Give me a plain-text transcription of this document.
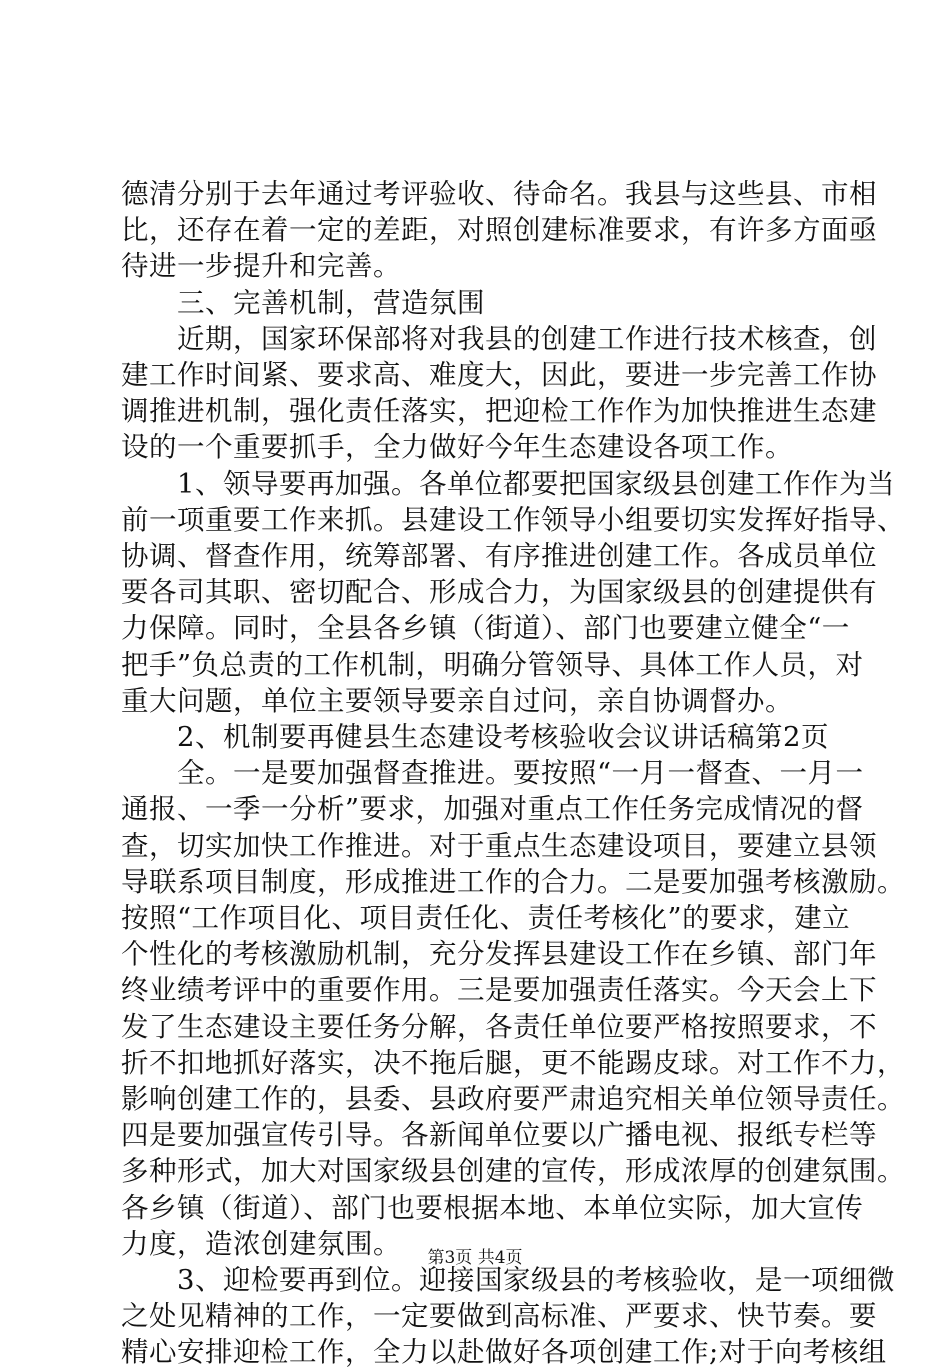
德清分别于去年通过考评验收、待命名。我县与这些县、市相
比，还存在着一定的差距，对照创建标准要求，有许多方面亟
待进一步提升和完善。
　　三、完善机制，营造氛围
　　近期，国家环保部将对我县的创建工作进行技术核查，创
建工作时间紧、要求高、难度大，因此，要进一步完善工作协
调推进机制，强化责任落实，把迎检工作作为加快推进生态建
设的一个重要抓手，全力做好今年生态建设各项工作。
　　1、领导要再加强。各单位都要把国家级县创建工作作为当
前一项重要工作来抓。县建设工作领导小组要切实发挥好指导、
协调、督查作用，统筹部署、有序推进创建工作。各成员单位
要各司其职、密切配合、形成合力，为国家级县的创建提供有
力保障。同时，全县各乡镇（街道）、部门也要建立健全“一
把手”负总责的工作机制，明确分管领导、具体工作人员，对
重大问题，单位主要领导要亲自过问，亲自协调督办。
　　2、机制要再健县生态建设考核验收会议讲话稿第2页
　　全。一是要加强督查推进。要按照“一月一督查、一月一
通报、一季一分析”要求，加强对重点工作任务完成情况的督
查，切实加快工作推进。对于重点生态建设项目，要建立县领
导联系项目制度，形成推进工作的合力。二是要加强考核激励。
按照“工作项目化、项目责任化、责任考核化”的要求，建立
个性化的考核激励机制，充分发挥县建设工作在乡镇、部门年
终业绩考评中的重要作用。三是要加强责任落实。今天会上下
发了生态建设主要任务分解，各责任单位要严格按照要求，不
折不扣地抓好落实，决不拖后腿，更不能踢皮球。对工作不力，
影响创建工作的，县委、县政府要严肃追究相关单位领导责任。
四是要加强宣传引导。各新闻单位要以广播电视、报纸专栏等
多种形式，加大对国家级县创建的宣传，形成浓厚的创建氛围。
各乡镇（街道）、部门也要根据本地、本单位实际，加大宣传
力度，造浓创建氛围。
　　3、迎检要再到位。迎接国家级县的考核验收，是一项细微
之处见精神的工作，一定要做到高标准、严要求、快节奏。要
精心安排迎检工作，全力以赴做好各项创建工作;对于向考核组
第3页 共4页
